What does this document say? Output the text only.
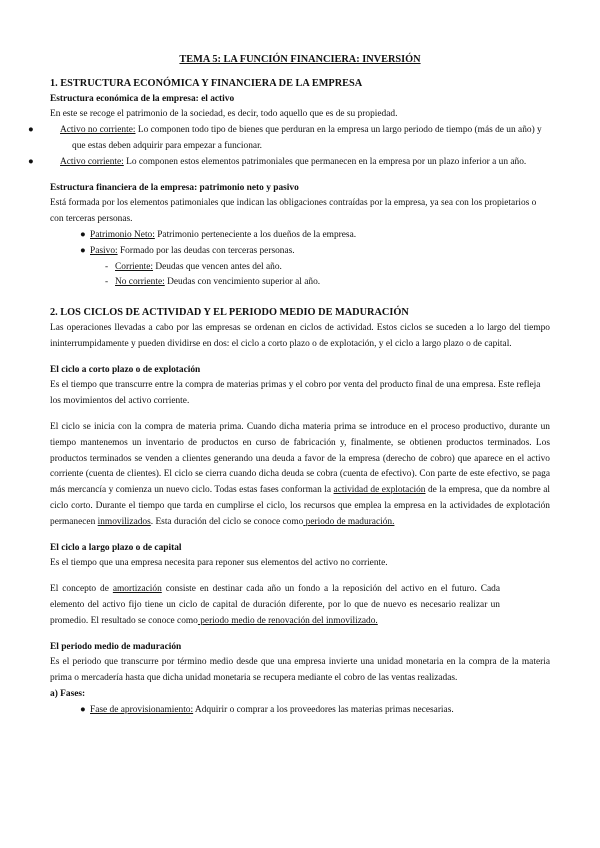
TEMA 5: LA FUNCIÓN FINANCIERA: INVERSIÓN

1. ESTRUCTURA ECONÓMICA Y FINANCIERA DE LA EMPRESA

Estructura económica de la empresa: el activo

En este se recoge el patrimonio de la sociedad, es decir, todo aquello que es de su propiedad.

●	Activo no corriente: Lo componen todo tipo de bienes que perduran en la empresa un largo periodo de tiempo (más de un año) y que estas deben adquirir para empezar a funcionar.

●	Activo corriente: Lo componen estos elementos patrimoniales que permanecen en la empresa por un plazo inferior a un año.

Estructura financiera de la empresa: patrimonio neto y pasivo

Está formada por los elementos patimoniales que indican las obligaciones contraídas por la empresa, ya sea con los propietarios o con terceras personas.

● Patrimonio Neto: Patrimonio perteneciente a los dueños de la empresa.

● Pasivo: Formado por las deudas con terceras personas.

- Corriente: Deudas que vencen antes del año.

- No corriente: Deudas con vencimiento superior al año.

2. LOS CICLOS DE ACTIVIDAD Y EL PERIODO MEDIO DE MADURACIÓN

Las operaciones llevadas a cabo por las empresas se ordenan en ciclos de actividad. Estos ciclos se suceden a lo largo del tiempo ininterrumpidamente y pueden dividirse en dos: el ciclo a corto plazo o de explotación, y el ciclo a largo plazo o de capital.

El ciclo a corto plazo o de explotación

Es el tiempo que transcurre entre la compra de materias primas y el cobro por venta del producto final de una empresa. Este refleja los movimientos del activo corriente.

El ciclo se inicia con la compra de materia prima. Cuando dicha materia prima se introduce en el proceso productivo, durante un tiempo mantenemos un inventario de productos en curso de fabricación y, finalmente, se obtienen productos terminados. Los productos terminados se venden a clientes generando una deuda a favor de la empresa (derecho de cobro) que aparece en el activo corriente (cuenta de clientes). El ciclo se cierra cuando dicha deuda se cobra (cuenta de efectivo). Con parte de este efectivo, se paga más mercancía y comienza un nuevo ciclo. Todas estas fases conforman la actividad de explotación de la empresa, que da nombre al ciclo corto. Durante el tiempo que tarda en cumplirse el ciclo, los recursos que emplea la empresa en la actividades de explotación permanecen inmovilizados. Esta duración del ciclo se conoce como periodo de maduración.

El ciclo a largo plazo o de capital

Es el tiempo que una empresa necesita para reponer sus elementos del activo no corriente.

El concepto de amortización consiste en destinar cada año un fondo a la reposición del activo en el futuro. Cada elemento del activo fijo tiene un ciclo de capital de duración diferente, por lo que de nuevo es necesario realizar un promedio. El resultado se conoce como periodo medio de renovación del inmovilizado.

El periodo medio de maduración

Es el periodo que transcurre por término medio desde que una empresa invierte una unidad monetaria en la compra de la materia prima o mercadería hasta que dicha unidad monetaria se recupera mediante el cobro de las ventas realizadas.

a) Fases:

● Fase de aprovisionamiento: Adquirir o comprar a los proveedores las materias primas necesarias.
